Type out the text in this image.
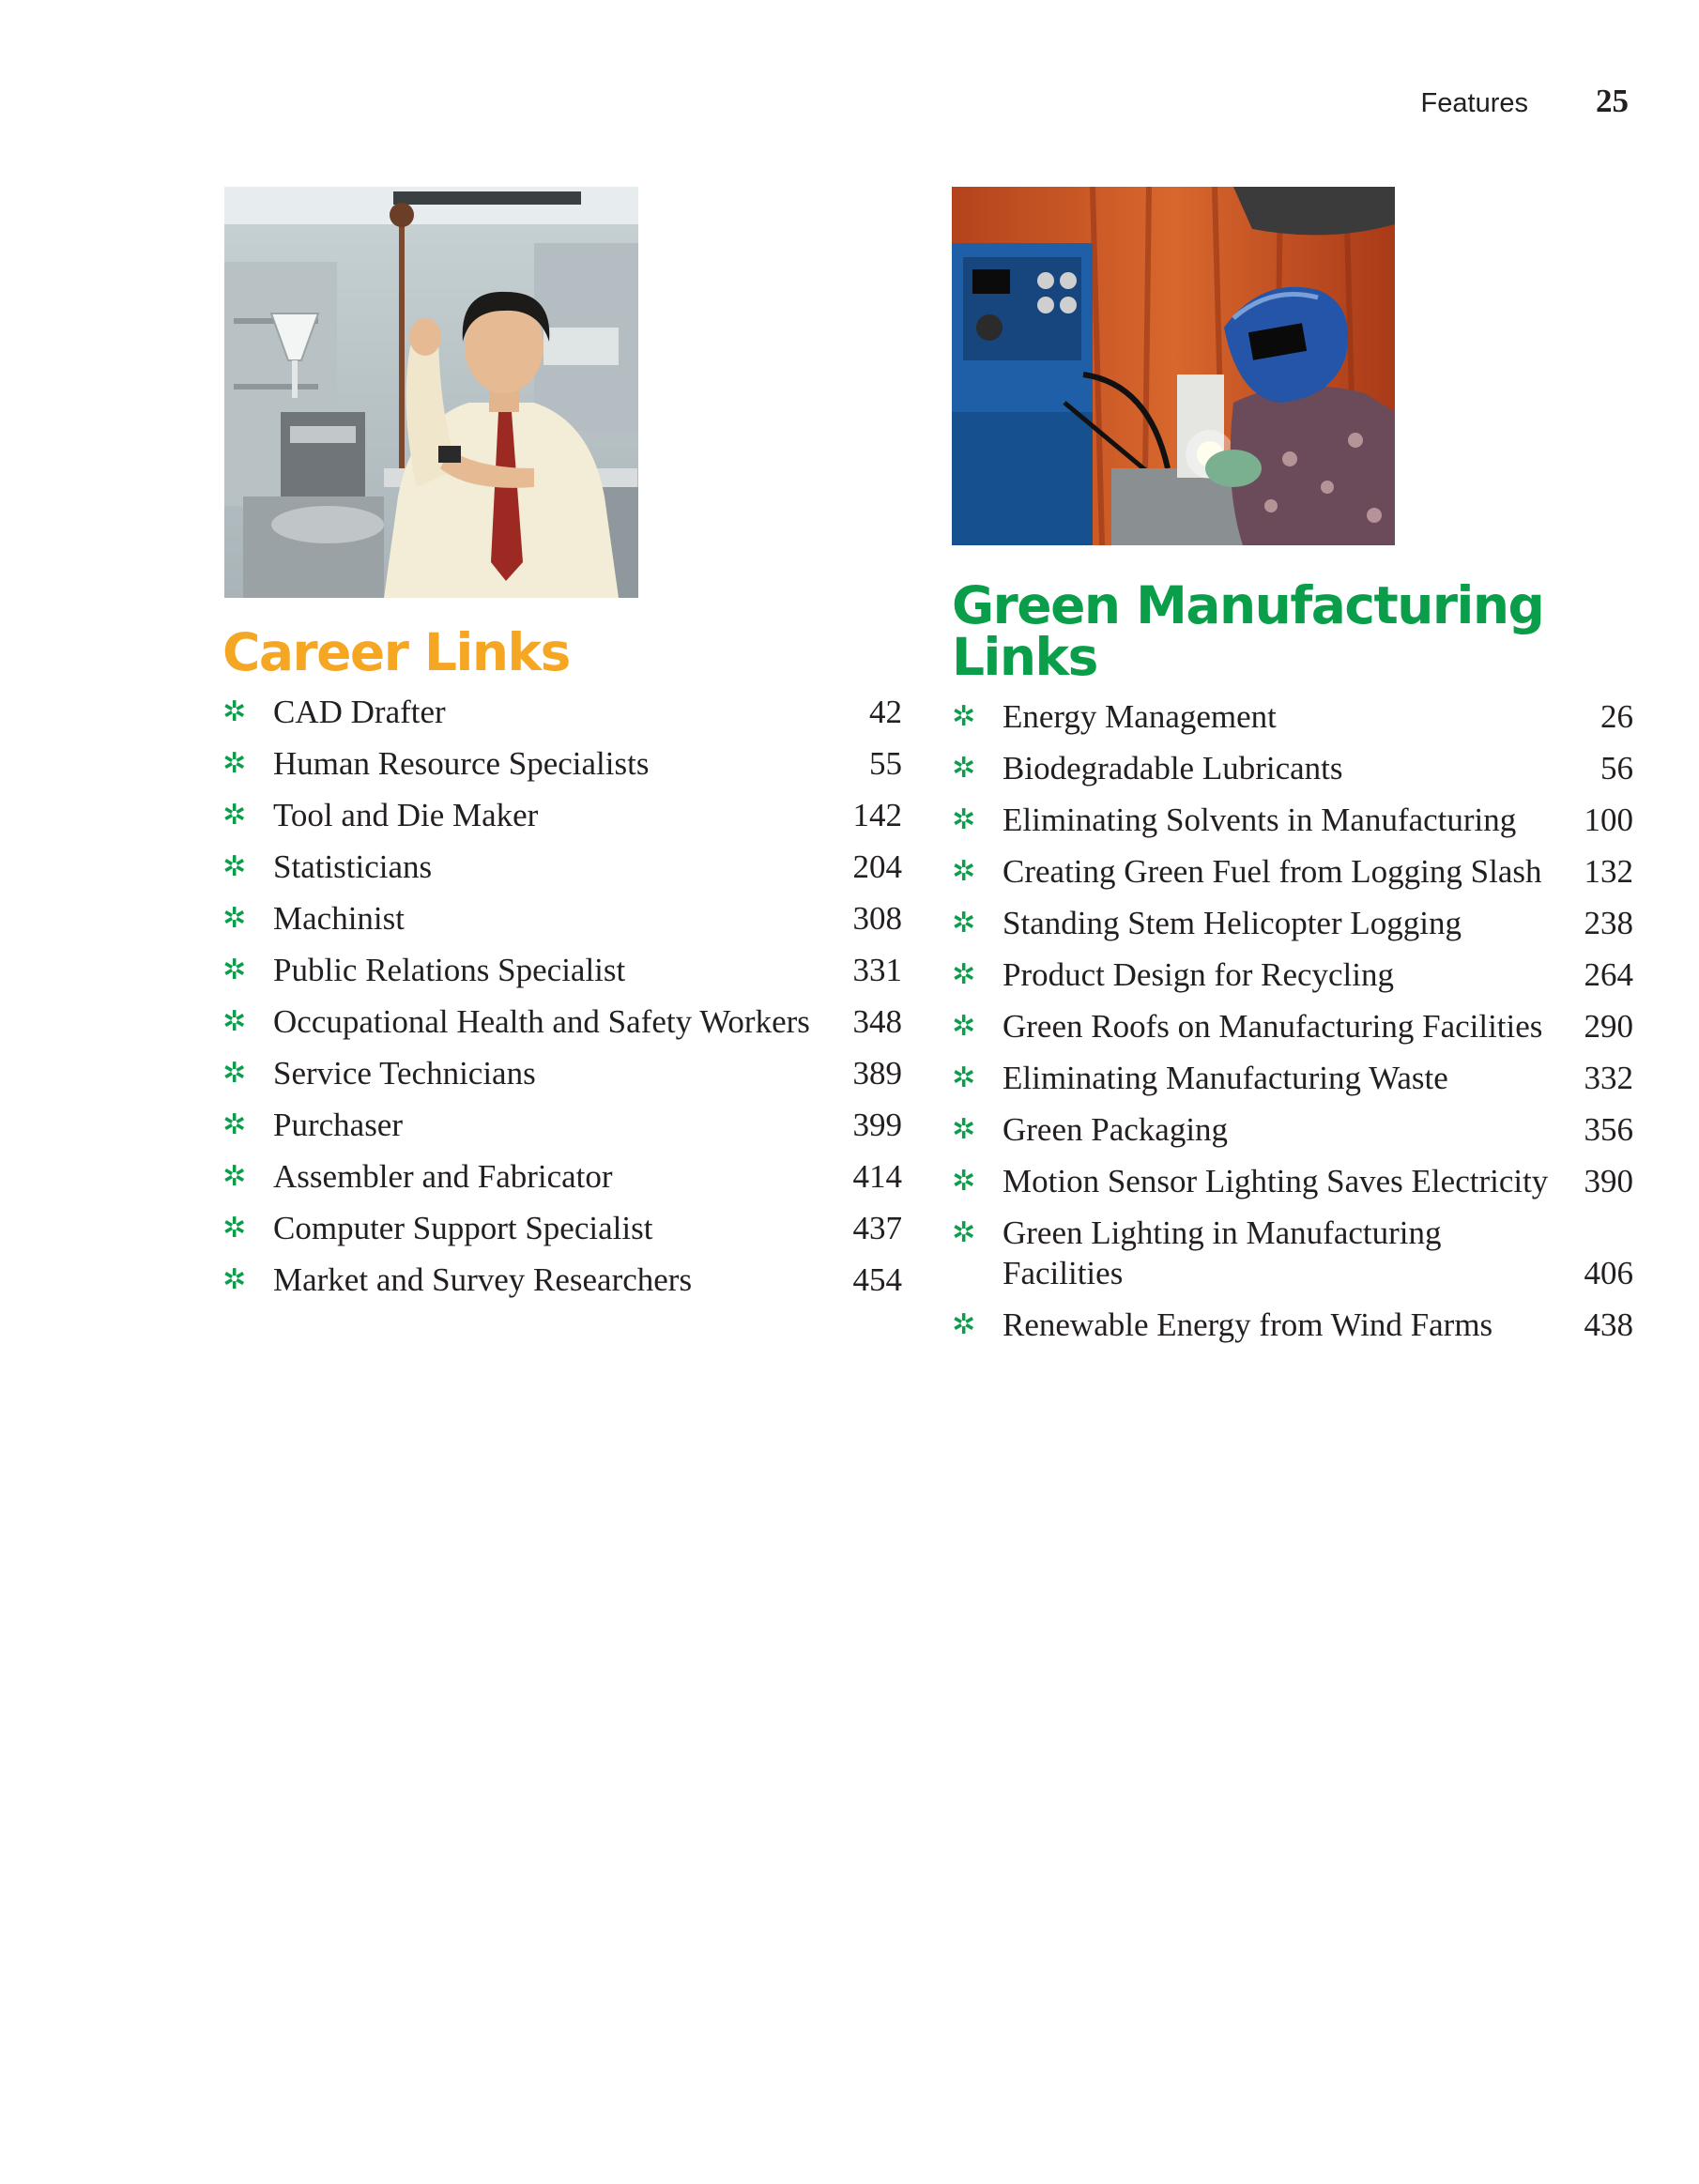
Features 25
Career Links
✲ CAD Drafter	42
✲ Human Resource Specialists	55
✲ Tool and Die Maker	142
✲ Statisticians	204
✲ Machinist	308
✲ Public Relations Specialist	331
✲ Occupational Health and Safety Workers	348
✲ Service Technicians	389
✲ Purchaser	399
✲ Assembler and Fabricator	414
✲ Computer Support Specialist	437
✲ Market and Survey Researchers	454
Green Manufacturing Links
✲ Energy Management	26
✲ Biodegradable Lubricants	56
✲ Eliminating Solvents in Manufacturing	100
✲ Creating Green Fuel from Logging Slash	132
✲ Standing Stem Helicopter Logging	238
✲ Product Design for Recycling	264
✲ Green Roofs on Manufacturing Facilities	290
✲ Eliminating Manufacturing Waste	332
✲ Green Packaging	356
✲ Motion Sensor Lighting Saves Electricity	390
✲ Green Lighting in Manufacturing Facilities	406
✲ Renewable Energy from Wind Farms	438
